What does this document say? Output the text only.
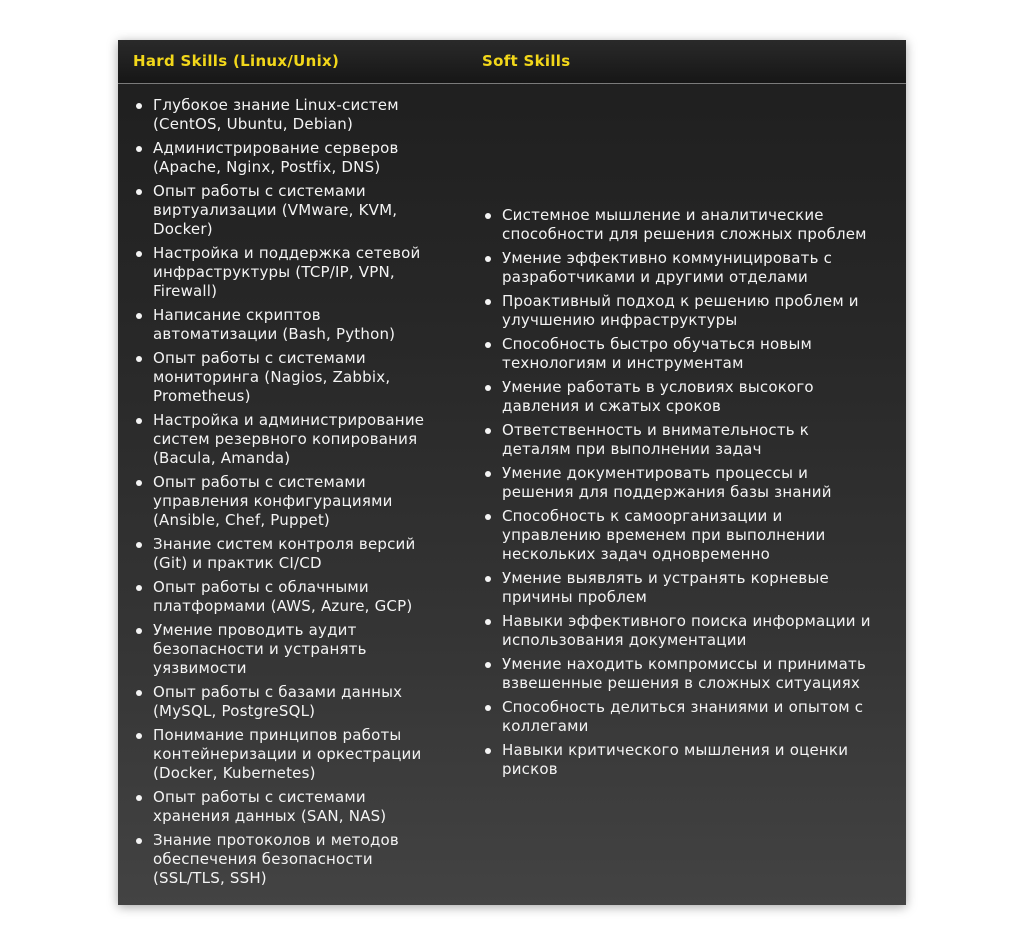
Hard Skills (Linux/Unix)	Soft Skills
Глубокое знание Linux-систем (CentOS, Ubuntu, Debian)
Администрирование серверов (Apache, Nginx, Postfix, DNS)
Опыт работы с системами виртуализации (VMware, KVM, Docker)
Настройка и поддержка сетевой инфраструктуры (TCP/IP, VPN, Firewall)
Написание скриптов автоматизации (Bash, Python)
Опыт работы с системами мониторинга (Nagios, Zabbix, Prometheus)
Настройка и администрирование систем резервного копирования (Bacula, Amanda)
Опыт работы с системами управления конфигурациями (Ansible, Chef, Puppet)
Знание систем контроля версий (Git) и практик CI/CD
Опыт работы с облачными платформами (AWS, Azure, GCP)
Умение проводить аудит безопасности и устранять уязвимости
Опыт работы с базами данных (MySQL, PostgreSQL)
Понимание принципов работы контейнеризации и оркестрации (Docker, Kubernetes)
Опыт работы с системами хранения данных (SAN, NAS)
Знание протоколов и методов обеспечения безопасности (SSL/TLS, SSH)
Системное мышление и аналитические способности для решения сложных проблем
Умение эффективно коммуницировать с разработчиками и другими отделами
Проактивный подход к решению проблем и улучшению инфраструктуры
Способность быстро обучаться новым технологиям и инструментам
Умение работать в условиях высокого давления и сжатых сроков
Ответственность и внимательность к деталям при выполнении задач
Умение документировать процессы и решения для поддержания базы знаний
Способность к самоорганизации и управлению временем при выполнении нескольких задач одновременно
Умение выявлять и устранять корневые причины проблем
Навыки эффективного поиска информации и использования документации
Умение находить компромиссы и принимать взвешенные решения в сложных ситуациях
Способность делиться знаниями и опытом с коллегами
Навыки критического мышления и оценки рисков
